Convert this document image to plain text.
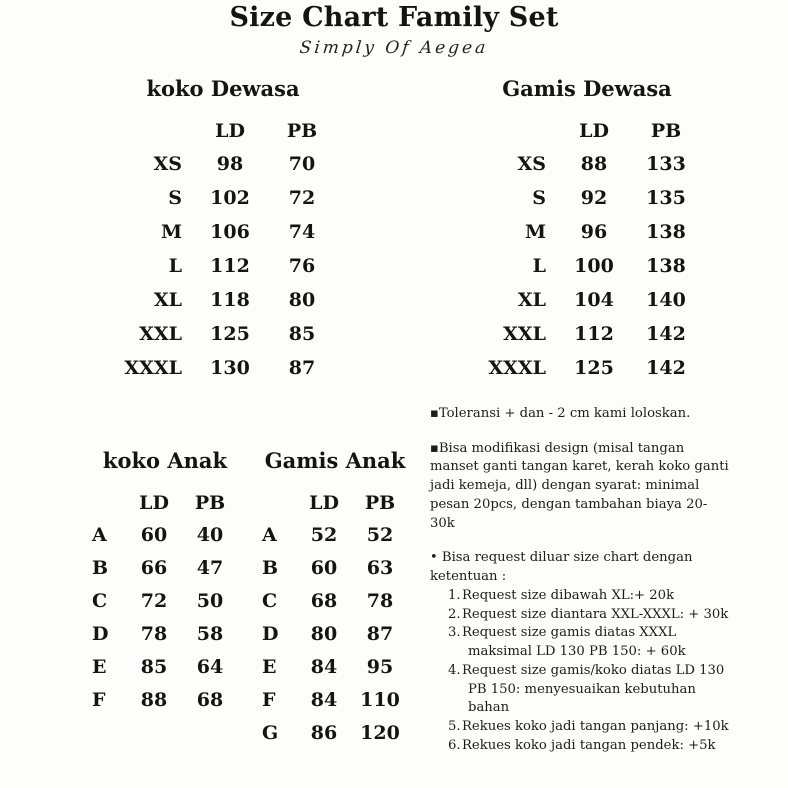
Size Chart Family Set
Simply Of Aegea
koko Dewasa
	LD	PB
XS	98	70
S	102	72
M	106	74
L	112	76
XL	118	80
XXL	125	85
XXXL	130	87
Gamis Dewasa
	LD	PB
XS	88	133
S	92	135
M	96	138
L	100	138
XL	104	140
XXL	112	142
XXXL	125	142
koko Anak
	LD	PB
A	60	40
B	66	47
C	72	50
D	78	58
E	85	64
F	88	68
Gamis Anak
	LD	PB
A	52	52
B	60	63
C	68	78
D	80	87
E	84	95
F	84	110
G	86	120
▪Toleransi + dan - 2 cm kami loloskan.
▪Bisa modifikasi design (misal tangan
manset ganti tangan karet, kerah koko ganti
jadi kemeja, dll) dengan syarat: minimal
pesan 20pcs, dengan tambahan biaya 20-30k
• Bisa request diluar size chart dengan
ketentuan :
1.Request size dibawah XL:+ 20k
2.Request size diantara XXL-XXXL: + 30k
3.Request size gamis diatas XXXL
maksimal LD 130 PB 150: + 60k
4.Request size gamis/koko diatas LD 130
PB 150: menyesuaikan kebutuhan bahan
5.Rekues koko jadi tangan panjang: +10k
6.Rekues koko jadi tangan pendek: +5k
